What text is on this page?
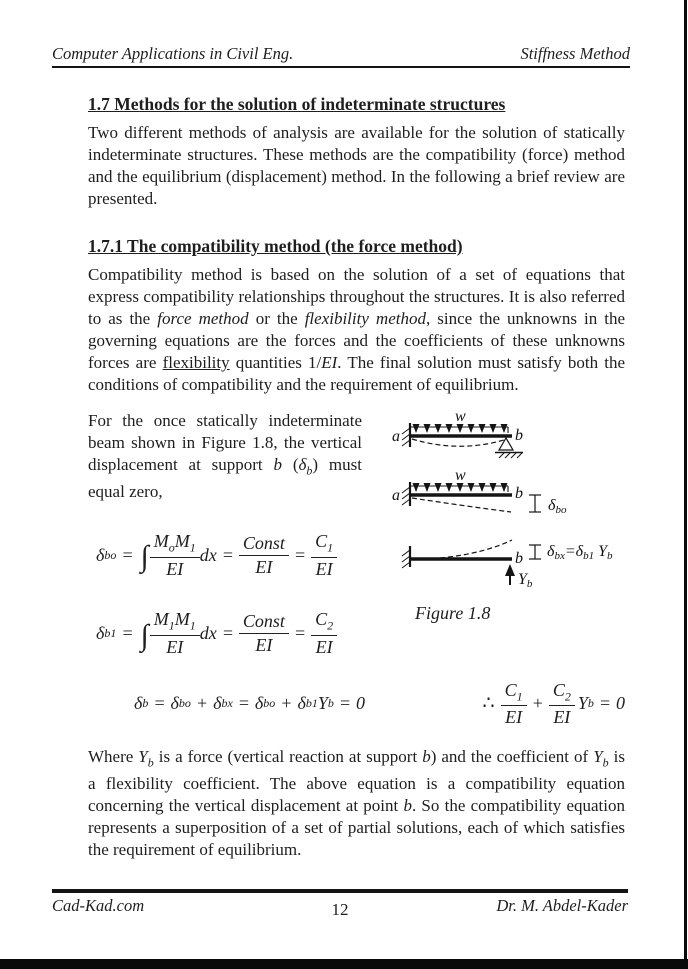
Computer Applications in Civil Eng.	Stiffness Method
1.7 Methods for the solution of indeterminate structures

Two different methods of analysis are available for the solution of statically indeterminate structures. These methods are the compatibility (force) method and the equilibrium (displacement) method. In the following a brief review are presented.

1.7.1 The compatibility method (the force method)

Compatibility method is based on the solution of a set of equations that express compatibility relationships throughout the structures. It is also referred to as the force method or the flexibility method, since the unknowns in the governing equations are the forces and the coefficients of these unknowns forces are flexibility quantities 1/EI. The final solution must satisfy both the conditions of compatibility and the requirement of equilibrium.

For the once statically indeterminate beam shown in Figure 1.8, the vertical displacement at support b $(\delta_b)$ must equal zero,

δ bo = ∫ $\frac{M_oM_1}{EI}$ dx = $\frac{\text{Const}}{EI} = \frac{C_1}{EI}$
δ b1 = ∫ $\frac{M_1M_1}{EI}$ dx = $\frac{\text{Const}}{EI} = \frac{C_2}{EI}$
a	b
w
a	b
w
δbo
b δbx=δb1 Yb
Yb
Figure 1.8
δ b = δ bo + δ bx = δ bo + δ b1 Y b = 0	∴ $\frac{C_1}{EI} + \frac{C_2}{EI}$ Y b = 0

Where $Y_b$ is a force (vertical reaction at support b) and the coefficient of $Y_b$ is a flexibility coefficient. The above equation is a compatibility equation concerning the vertical displacement at point b. So the compatibility equation represents a superposition of a set of partial solutions, each of which satisfies the requirement of equilibrium.

Cad-Kad.com	12	Dr. M. Abdel-Kader
